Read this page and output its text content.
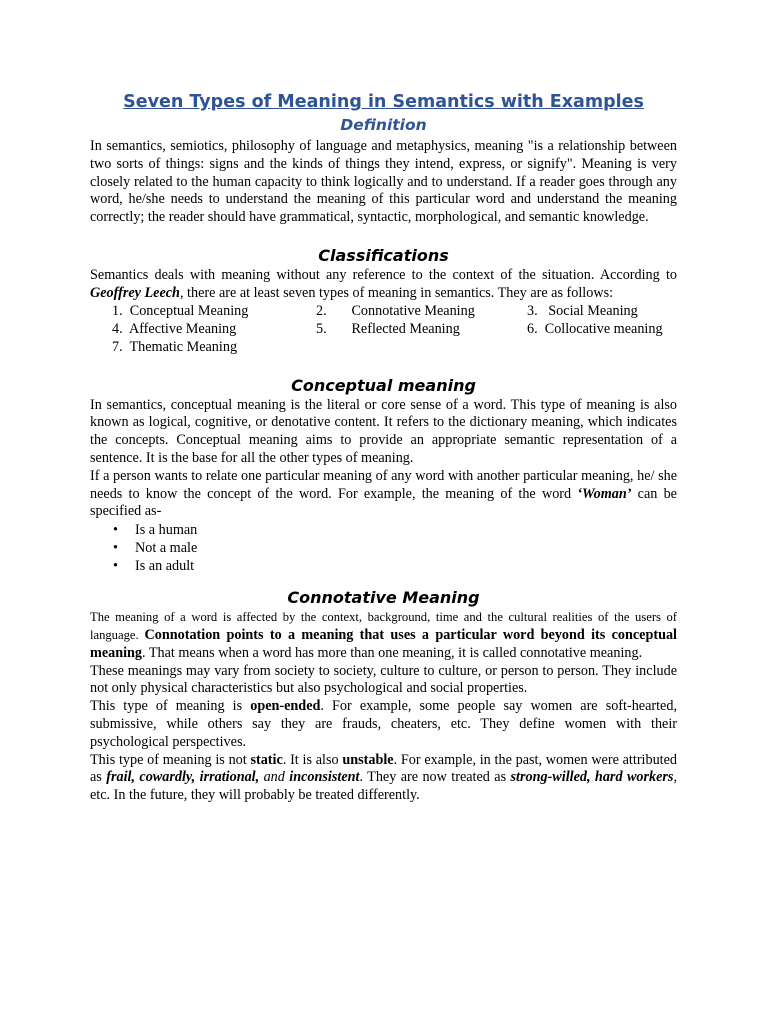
Seven Types of Meaning in Semantics with Examples
Definition

In semantics, semiotics, philosophy of language and metaphysics, meaning "is a relationship between two sorts of things: signs and the kinds of things they intend, express, or signify". Meaning is very closely related to the human capacity to think logically and to understand. If a reader goes through any word, he/she needs to understand the meaning of this particular word and understand the meaning correctly; the reader should have grammatical, syntactic, morphological, and semantic knowledge.

Classifications

Semantics deals with meaning without any reference to the context of the situation. According to Geoffrey Leech, there are at least seven types of meaning in semantics. They are as follows:

1. Conceptual Meaning	2. Connotative Meaning	3. Social Meaning
4. Affective Meaning	5. Reflected Meaning	6. Collocative meaning
7. Thematic Meaning
Conceptual meaning

In semantics, conceptual meaning is the literal or core sense of a word. This type of meaning is also known as logical, cognitive, or denotative content. It refers to the dictionary meaning, which indicates the concepts. Conceptual meaning aims to provide an appropriate semantic representation of a sentence. It is the base for all the other types of meaning.

If a person wants to relate one particular meaning of any word with another particular meaning, he/ she needs to know the concept of the word. For example, the meaning of the word ‘Woman’ can be specified as-

• Is a human
• Not a male
• Is an adult
Connotative Meaning

The meaning of a word is affected by the context, background, time and the cultural realities of the users of language. Connotation points to a meaning that uses a particular word beyond its conceptual meaning. That means when a word has more than one meaning, it is called connotative meaning.

These meanings may vary from society to society, culture to culture, or person to person. They include not only physical characteristics but also psychological and social properties.

This type of meaning is open-ended. For example, some people say women are soft-hearted, submissive, while others say they are frauds, cheaters, etc. They define women with their psychological perspectives.

This type of meaning is not static. It is also unstable. For example, in the past, women were attributed as frail, cowardly, irrational, and inconsistent. They are now treated as strong-willed, hard workers, etc. In the future, they will probably be treated differently.
